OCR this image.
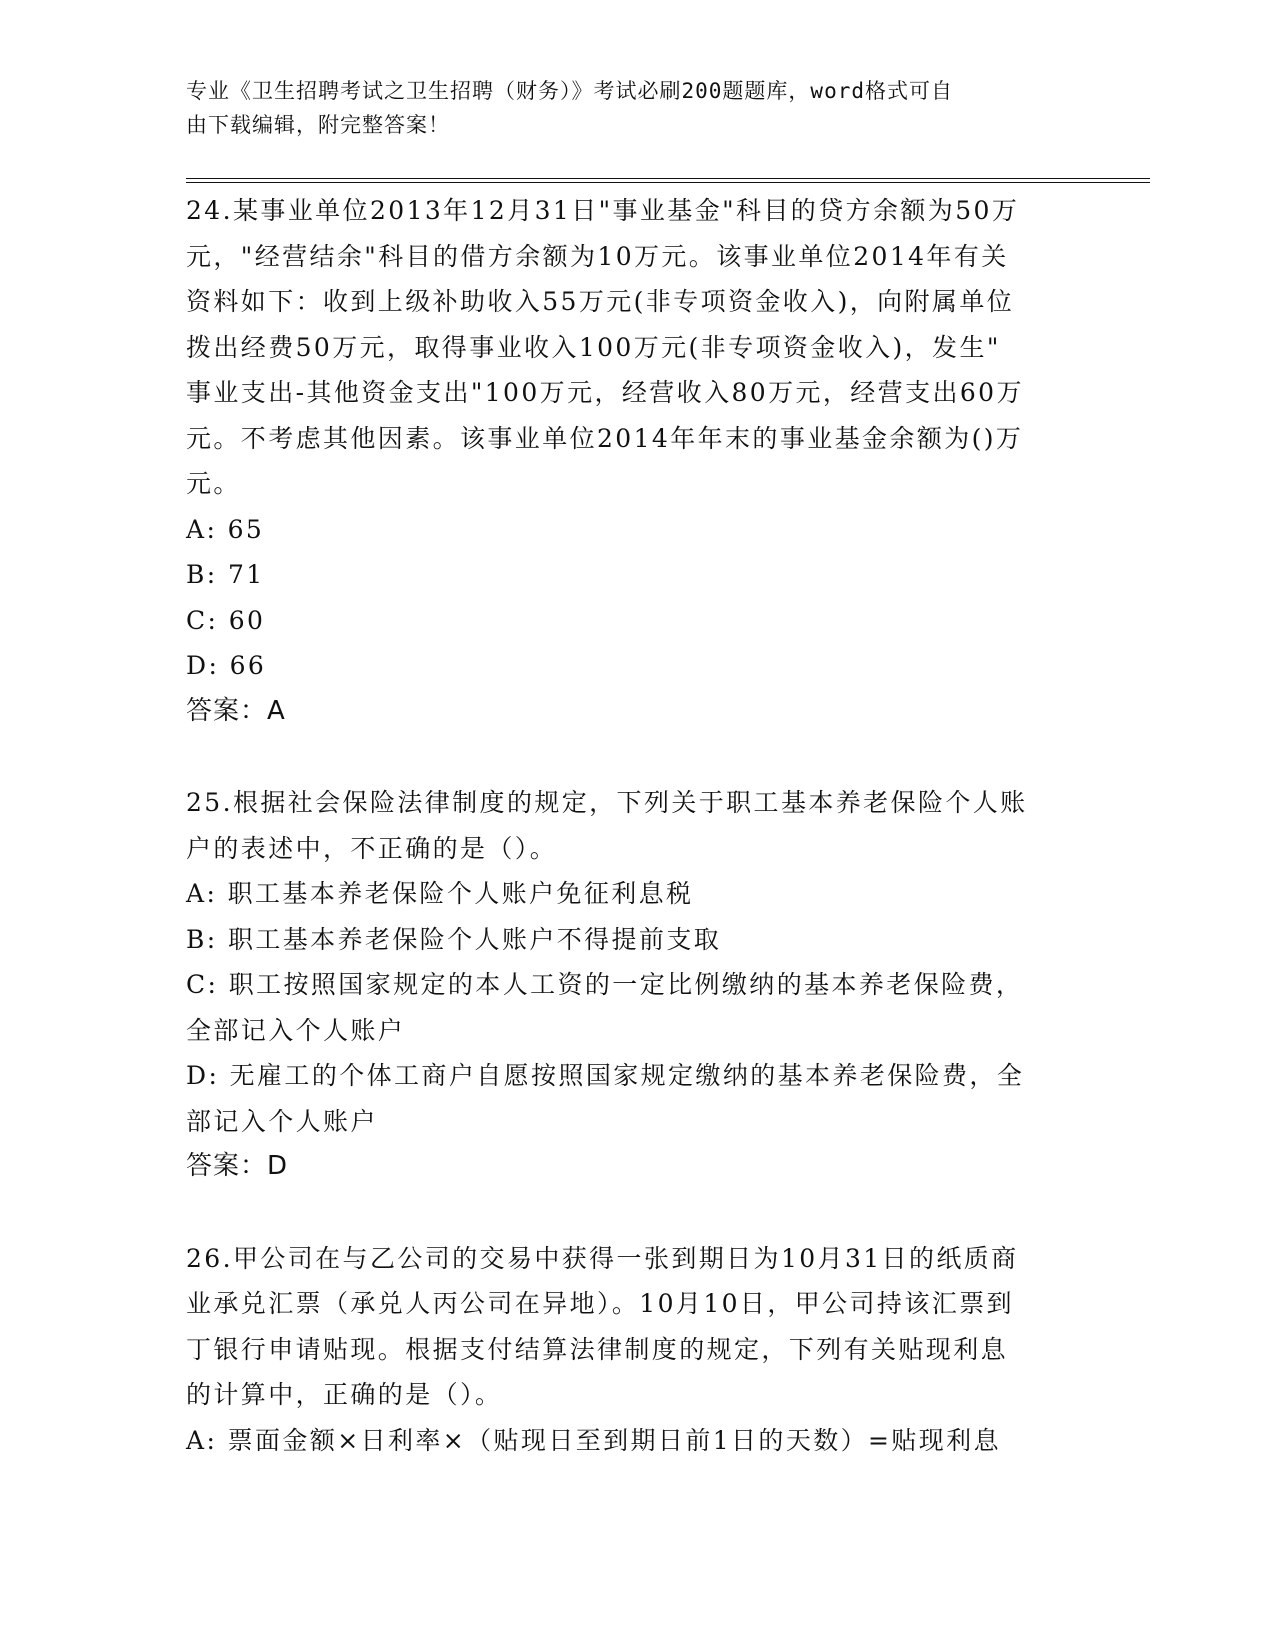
专业《卫生招聘考试之卫生招聘（财务）》考试必刷200题题库，word格式可自
由下载编辑，附完整答案！
24.某事业单位2013年12月31日"事业基金"科目的贷方余额为50万
元，"经营结余"科目的借方余额为10万元。该事业单位2014年有关
资料如下：收到上级补助收入55万元(非专项资金收入)，向附属单位
拨出经费50万元，取得事业收入100万元(非专项资金收入)，发生"
事业支出-其他资金支出"100万元，经营收入80万元，经营支出60万
元。不考虑其他因素。该事业单位2014年年末的事业基金余额为()万
元。
A: 65
B: 71
C: 60
D: 66
答案：A
25.根据社会保险法律制度的规定，下列关于职工基本养老保险个人账
户的表述中，不正确的是（）。
A: 职工基本养老保险个人账户免征利息税
B: 职工基本养老保险个人账户不得提前支取
C: 职工按照国家规定的本人工资的一定比例缴纳的基本养老保险费，
全部记入个人账户
D: 无雇工的个体工商户自愿按照国家规定缴纳的基本养老保险费，全
部记入个人账户
答案：D
26.甲公司在与乙公司的交易中获得一张到期日为10月31日的纸质商
业承兑汇票（承兑人丙公司在异地）。10月10日，甲公司持该汇票到
丁银行申请贴现。根据支付结算法律制度的规定，下列有关贴现利息
的计算中，正确的是（）。
A: 票面金额×日利率×（贴现日至到期日前1日的天数）=贴现利息
